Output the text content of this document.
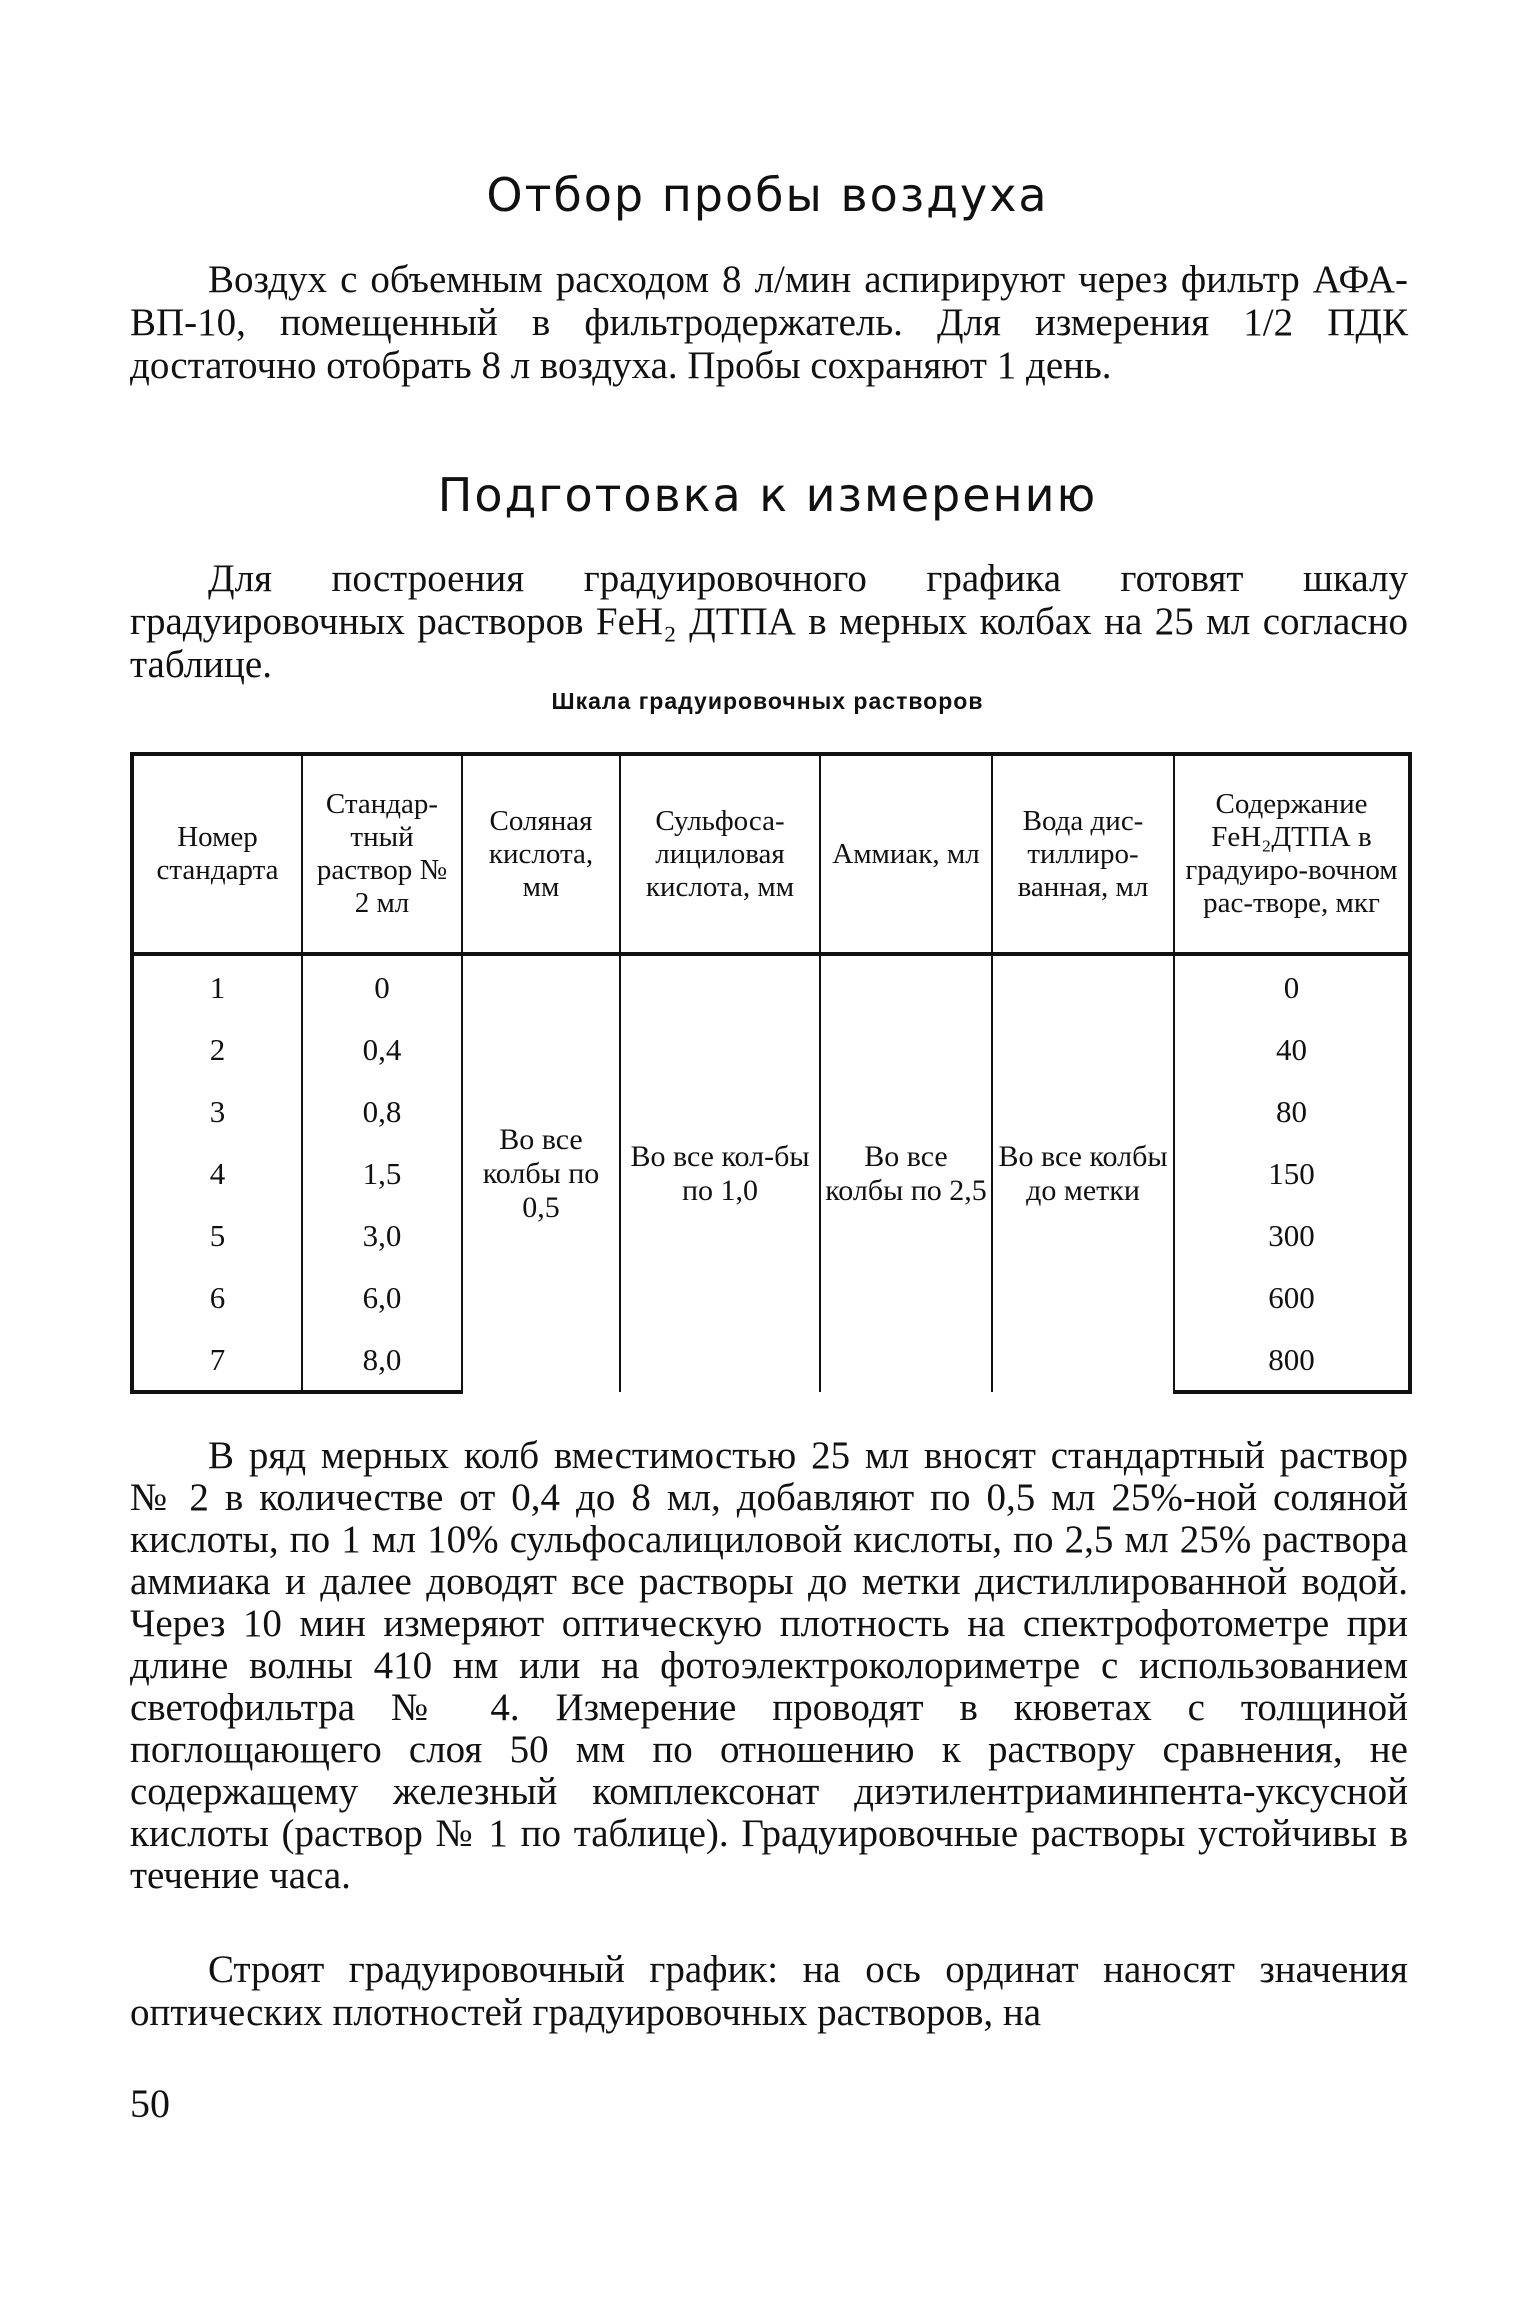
Отбор пробы воздуха

Воздух с объемным расходом 8 л/мин аспирируют через фильтр АФА-ВП-10, помещенный в фильтродержатель. Для измерения 1/2 ПДК достаточно отобрать 8 л воздуха. Пробы сохраняют 1 день.

Подготовка к измерению

Для построения градуировочного графика готовят шкалу градуировочных растворов FeH₂ ДТПА в мерных колбах на 25 мл согласно таблице.

Шкала градуировочных растворов
Номер стандарта	Стандар-тный раствор № 2 мл	Соляная кислота, мм	Сульфоса-лициловая кислота, мм	Аммиак, мл	Вода дис-тиллиро-ванная, мл	Содержание FeH₂ДТПА в градуиро-вочном рас-творе, мкг
1	0	Во все колбы по 0,5	Во все кол-бы по 1,0	Во все колбы по 2,5	Во все колбы до метки	0
2	0,4					40
3	0,8					80
4	1,5					150
5	3,0					300
6	6,0					600
7	8,0					800

В ряд мерных колб вместимостью 25 мл вносят стандартный раствор № 2 в количестве от 0,4 до 8 мл, добавляют по 0,5 мл 25%-ной соляной кислоты, по 1 мл 10% сульфосалициловой кислоты, по 2,5 мл 25% раствора аммиака и далее доводят все растворы до метки дистиллированной водой. Через 10 мин измеряют оптическую плотность на спектрофотометре при длине волны 410 нм или на фотоэлектроколориметре с использованием светофильтра № 4. Измерение проводят в кюветах с толщиной поглощающего слоя 50 мм по отношению к раствору сравнения, не содержащему железный комплексонат диэтилентриаминпента-уксусной кислоты (раствор № 1 по таблице). Градуировочные растворы устойчивы в течение часа.

Строят градуировочный график: на ось ординат наносят значения оптических плотностей градуировочных растворов, на

50
